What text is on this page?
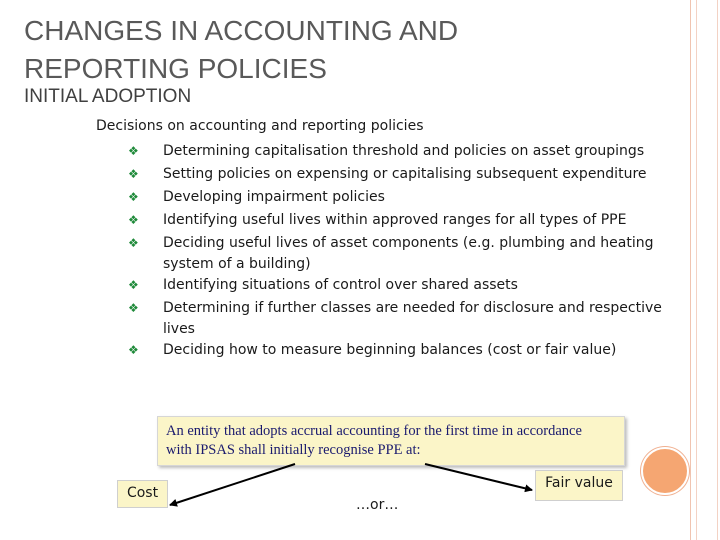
CHANGES IN ACCOUNTING AND REPORTING POLICIES
INITIAL ADOPTION
Decisions on accounting and reporting policies
❖ Determining capitalisation threshold and policies on asset groupings
❖ Setting policies on expensing or capitalising subsequent expenditure
❖ Developing impairment policies
❖ Identifying useful lives within approved ranges for all types of PPE
❖ Deciding useful lives of asset components (e.g. plumbing and heating
system of a building)
❖ Identifying situations of control over shared assets
❖ Determining if further classes are needed for disclosure and respective
lives
❖ Deciding how to measure beginning balances (cost or fair value)
An entity that adopts accrual accounting for the first time in accordance with IPSAS shall initially recognise PPE at:
Cost
Fair value
…or…
